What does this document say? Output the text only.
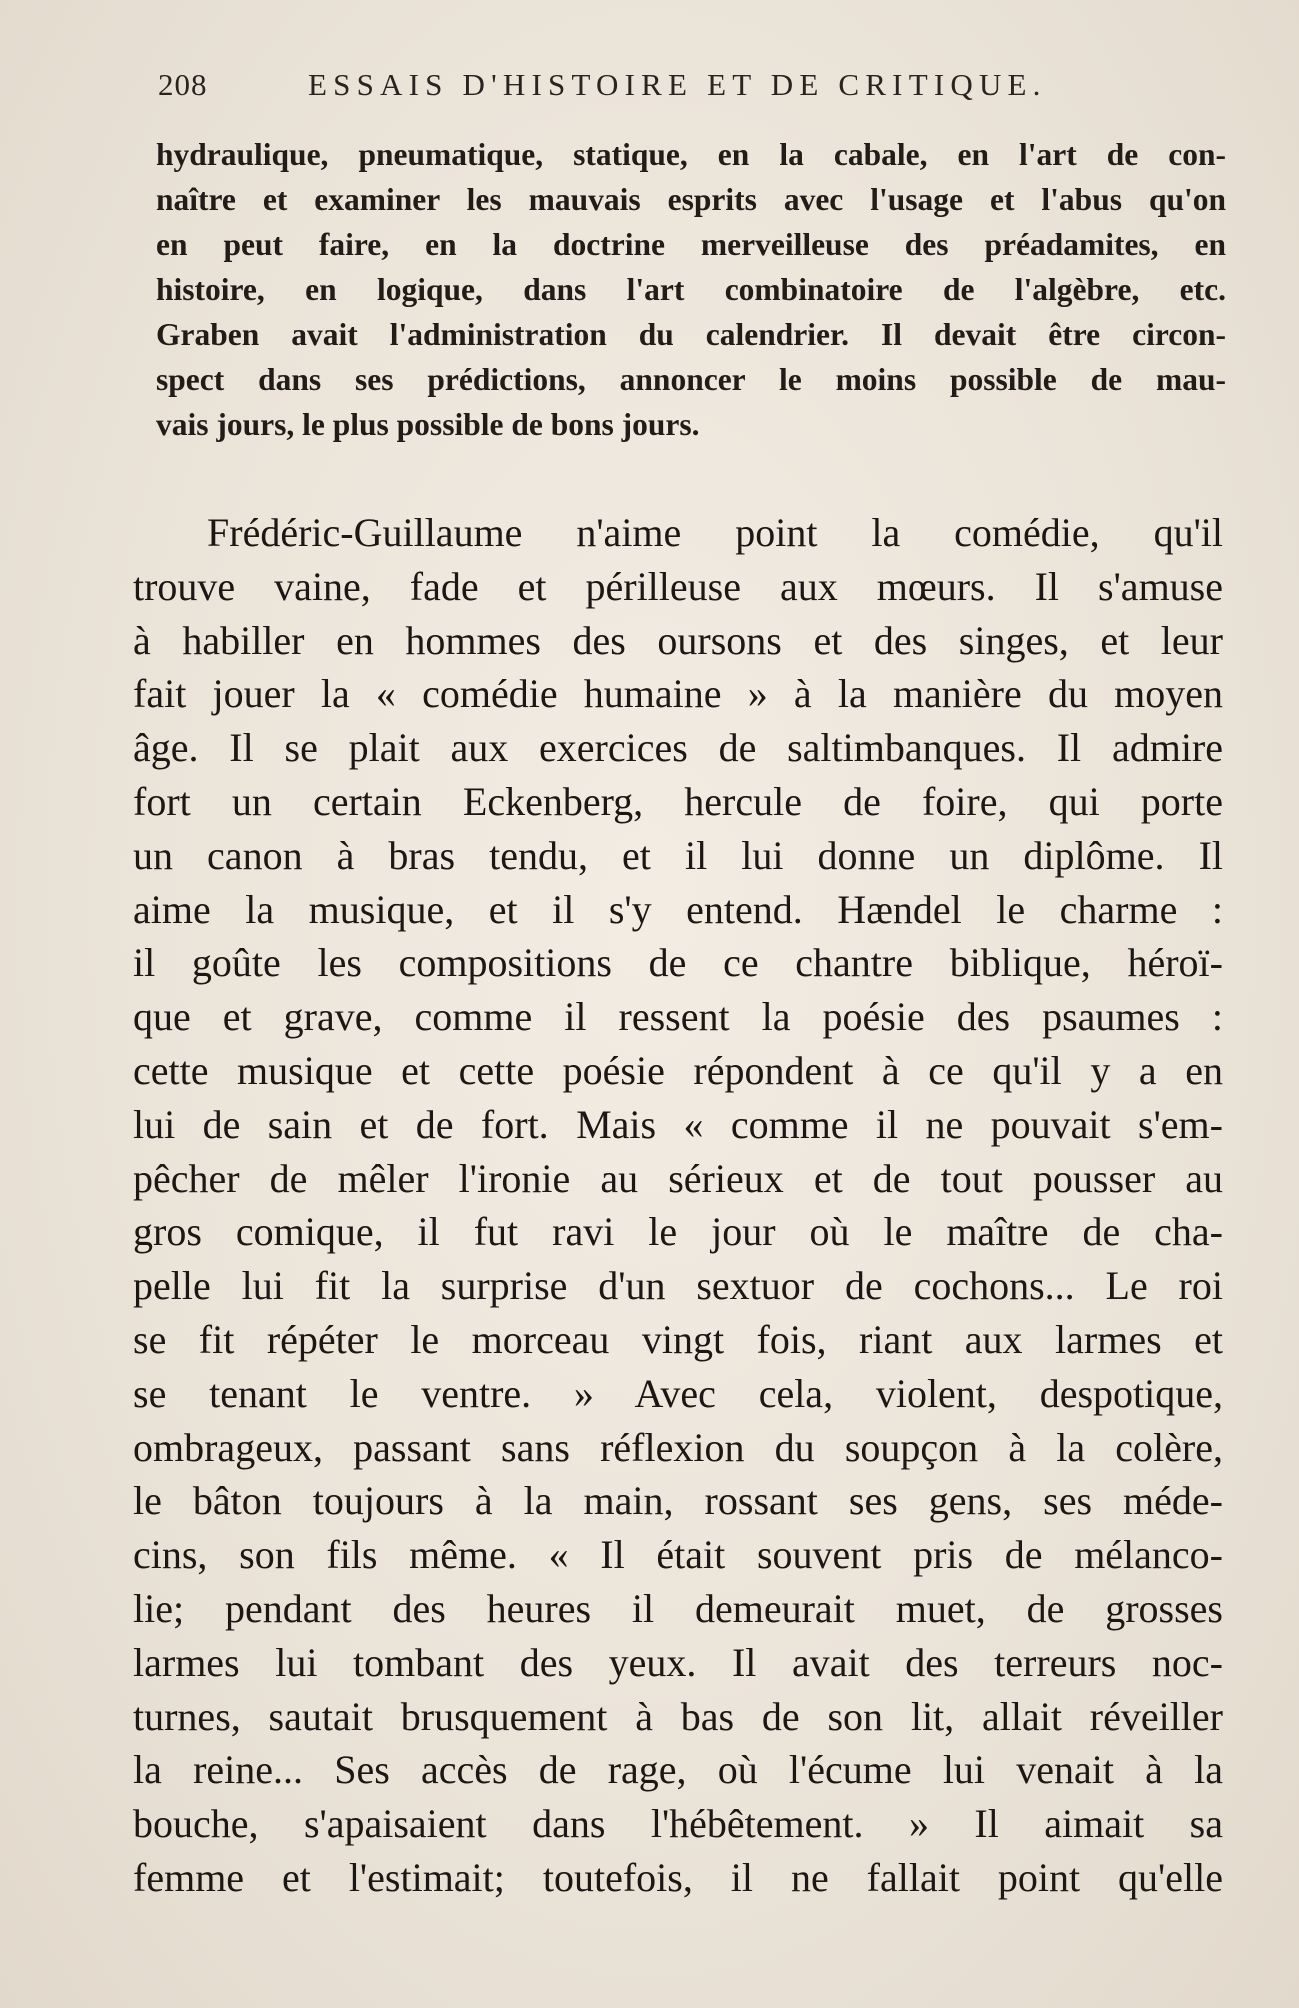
208	ESSAIS D'HISTOIRE ET DE CRITIQUE.
hydraulique, pneumatique, statique, en la cabale, en l'art de con-
naître et examiner les mauvais esprits avec l'usage et l'abus qu'on
en peut faire, en la doctrine merveilleuse des préadamites, en
histoire, en logique, dans l'art combinatoire de l'algèbre, etc.
Graben avait l'administration du calendrier. Il devait être circon-
spect dans ses prédictions, annoncer le moins possible de mau-
vais jours, le plus possible de bons jours.
Frédéric-Guillaume n'aime point la comédie, qu'il
trouve vaine, fade et périlleuse aux mœurs. Il s'amuse
à habiller en hommes des oursons et des singes, et leur
fait jouer la « comédie humaine » à la manière du moyen
âge. Il se plait aux exercices de saltimbanques. Il admire
fort un certain Eckenberg, hercule de foire, qui porte
un canon à bras tendu, et il lui donne un diplôme. Il
aime la musique, et il s'y entend. Hændel le charme :
il goûte les compositions de ce chantre biblique, héroï-
que et grave, comme il ressent la poésie des psaumes :
cette musique et cette poésie répondent à ce qu'il y a en
lui de sain et de fort. Mais « comme il ne pouvait s'em-
pêcher de mêler l'ironie au sérieux et de tout pousser au
gros comique, il fut ravi le jour où le maître de cha-
pelle lui fit la surprise d'un sextuor de cochons... Le roi
se fit répéter le morceau vingt fois, riant aux larmes et
se tenant le ventre. » Avec cela, violent, despotique,
ombrageux, passant sans réflexion du soupçon à la colère,
le bâton toujours à la main, rossant ses gens, ses méde-
cins, son fils même. « Il était souvent pris de mélanco-
lie; pendant des heures il demeurait muet, de grosses
larmes lui tombant des yeux. Il avait des terreurs noc-
turnes, sautait brusquement à bas de son lit, allait réveiller
la reine... Ses accès de rage, où l'écume lui venait à la
bouche, s'apaisaient dans l'hébêtement. » Il aimait sa
femme et l'estimait; toutefois, il ne fallait point qu'elle
